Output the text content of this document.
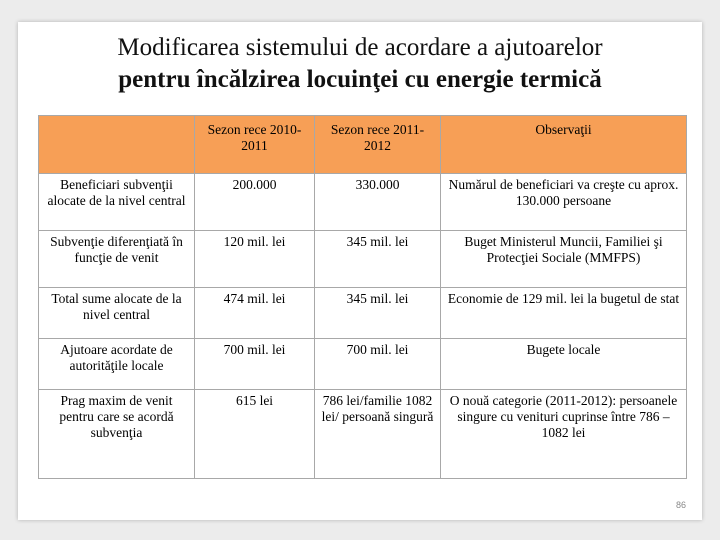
Modificarea sistemului de acordare a ajutoarelor
pentru încălzirea locuinţei cu energie termică
	Sezon rece 2010-2011	Sezon rece 2011-2012	Observaţii
Beneficiari subvenţii alocate de la nivel central	200.000	330.000	Numărul de beneficiari va creşte cu aprox. 130.000 persoane
Subvenţie diferenţiată în funcţie de venit	120 mil. lei	345 mil. lei	Buget Ministerul Muncii, Familiei şi Protecţiei Sociale (MMFPS)
Total sume alocate de la nivel central	474 mil. lei	345 mil. lei	Economie de 129 mil. lei la bugetul de stat
Ajutoare acordate de autorităţile locale	700 mil. lei	700 mil. lei	Bugete locale
Prag maxim de venit pentru care se acordă subvenţia	615 lei	786 lei/familie 1082 lei/ persoană singură	O nouă categorie (2011-2012): persoanele singure cu venituri cuprinse între 786 – 1082 lei
86
